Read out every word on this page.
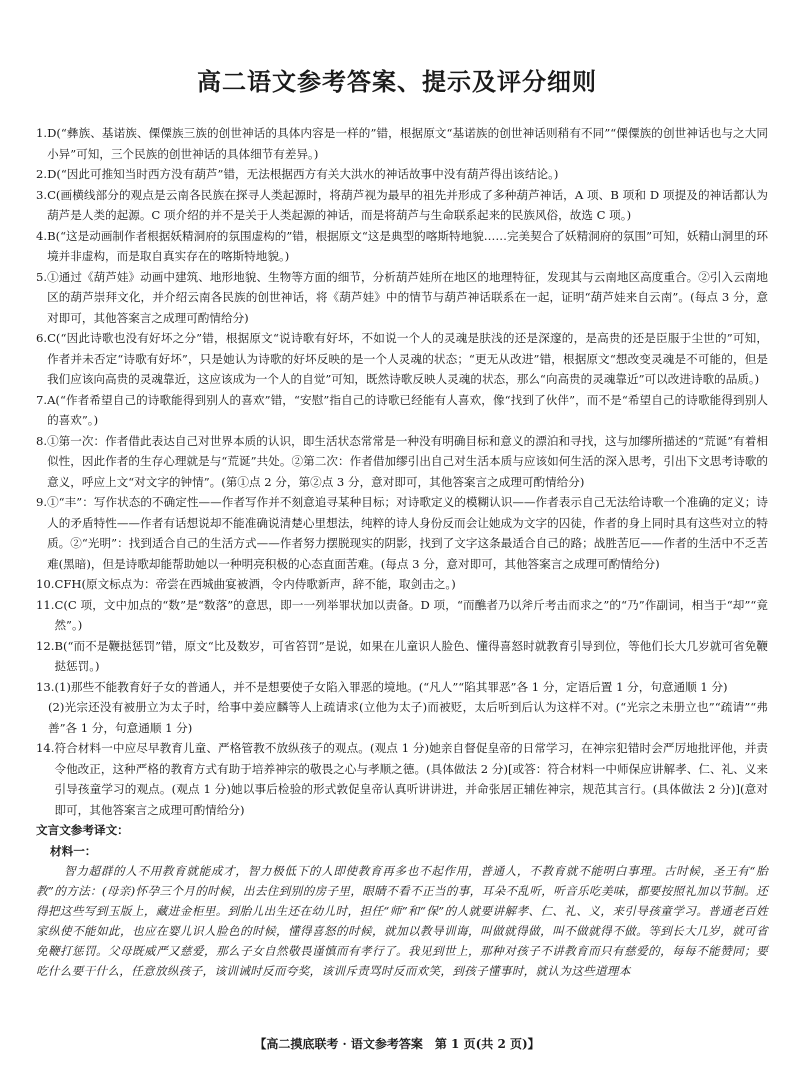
高二语文参考答案、提示及评分细则
1. D(“彝族、基诺族、傈僳族三族的创世神话的具体内容是一样的”错，根据原文“基诺族的创世神话则稍有不同”“傈僳族的创世神话也与之大同小异”可知，三个民族的创世神话的具体细节有差异。)
2. D(“因此可推知当时西方没有葫芦”错，无法根据西方有关大洪水的神话故事中没有葫芦得出该结论。)
3. C(画横线部分的观点是云南各民族在探寻人类起源时，将葫芦视为最早的祖先并形成了多种葫芦神话，A 项、B 项和 D 项提及的神话都认为葫芦是人类的起源。C 项介绍的并不是关于人类起源的神话，而是将葫芦与生命联系起来的民族风俗，故选 C 项。)
4. B(“这是动画制作者根据妖精洞府的氛围虚构的”错，根据原文“这是典型的喀斯特地貌……完美契合了妖精洞府的氛围”可知，妖精山洞里的环境并非虚构，而是取自真实存在的喀斯特地貌。)
5. ①通过《葫芦娃》动画中建筑、地形地貌、生物等方面的细节，分析葫芦娃所在地区的地理特征，发现其与云南地区高度重合。②引入云南地区的葫芦崇拜文化，并介绍云南各民族的创世神话，将《葫芦娃》中的情节与葫芦神话联系在一起，证明“葫芦娃来自云南”。(每点 3 分，意对即可，其他答案言之成理可酌情给分)
6. C(“因此诗歌也没有好坏之分”错，根据原文“说诗歌有好坏，不如说一个人的灵魂是肤浅的还是深邃的，是高贵的还是臣服于尘世的”可知，作者并未否定“诗歌有好坏”，只是她认为诗歌的好坏反映的是一个人灵魂的状态；“更无从改进”错，根据原文“想改变灵魂是不可能的，但是我们应该向高贵的灵魂靠近，这应该成为一个人的自觉”可知，既然诗歌反映人灵魂的状态，那么“向高贵的灵魂靠近”可以改进诗歌的品质。)
7. A(“作者希望自己的诗歌能得到别人的喜欢”错，“安慰”指自己的诗歌已经能有人喜欢，像“找到了伙伴”，而不是“希望自己的诗歌能得到别人的喜欢”。)
8. ①第一次：作者借此表达自己对世界本质的认识，即生活状态常常是一种没有明确目标和意义的漂泊和寻找，这与加缪所描述的“荒诞”有着相似性，因此作者的生存心理就是与“荒诞”共处。②第二次：作者借加缪引出自己对生活本质与应该如何生活的深入思考，引出下文思考诗歌的意义，呼应上文“对文字的钟情”。(第①点 2 分，第②点 3 分，意对即可，其他答案言之成理可酌情给分)
9. ①“丰”：写作状态的不确定性——作者写作并不刻意追寻某种目标；对诗歌定义的模糊认识——作者表示自己无法给诗歌一个准确的定义；诗人的矛盾特性——作者有话想说却不能准确说清楚心里想法，纯粹的诗人身份反而会让她成为文字的囚徒，作者的身上同时具有这些对立的特质。②“光明”：找到适合自己的生活方式——作者努力摆脱现实的阴影，找到了文字这条最适合自己的路；战胜苦厄——作者的生活中不乏苦难(黑暗)，但是诗歌却能帮助她以一种明亮积极的心态直面苦难。(每点 3 分，意对即可，其他答案言之成理可酌情给分)
10. CFH(原文标点为：帝尝在西城曲宴被酒，令内侍歌新声，辞不能，取剑击之。)
11. C(C 项，文中加点的“数”是“数落”的意思，即一一列举罪状加以责备。D 项，“而醮者乃以斧斤考击而求之”的“乃”作副词，相当于“却”“竟然”。)
12. B(“而不是鞭挞惩罚”错，原文“比及数岁，可省笞罚”是说，如果在儿童识人脸色、懂得喜怒时就教育引导到位，等他们长大几岁就可省免鞭挞惩罚。)
13. (1)那些不能教育好子女的普通人，并不是想要使子女陷入罪恶的境地。(“凡人”“陷其罪恶”各 1 分，定语后置 1 分，句意通顺 1 分)
(2)光宗还没有被册立为太子时，给事中姜应麟等人上疏请求(立他为太子)而被贬，太后听到后认为这样不对。(“光宗之未册立也”“疏请”“弗善”各 1 分，句意通顺 1 分)
14. 符合材料一中应尽早教育儿童、严格管教不放纵孩子的观点。(观点 1 分)她亲自督促皇帝的日常学习，在神宗犯错时会严厉地批评他，并责令他改正，这种严格的教育方式有助于培养神宗的敬畏之心与孝顺之德。(具体做法 2 分)[或答：符合材料一中师保应讲解孝、仁、礼、义来引导孩童学习的观点。(观点 1 分)她以事后检验的形式敦促皇帝认真听讲讲进，并命张居正辅佐神宗，规范其言行。(具体做法 2 分)](意对即可，其他答案言之成理可酌情给分)
文言文参考译文：
材料一：
智力超群的人不用教育就能成才，智力极低下的人即使教育再多也不起作用，普通人，不教育就不能明白事理。古时候，圣王有“胎教”的方法：(母亲)怀孕三个月的时候，出去住到别的房子里，眼睛不看不正当的事，耳朵不乱听，听音乐吃美味，都要按照礼加以节制。还得把这些写到玉版上，藏进金柜里。到胎儿出生还在幼儿时，担任“师”和“保”的人就要讲解孝、仁、礼、义，来引导孩童学习。普通老百姓家纵使不能如此，也应在婴儿识人脸色的时候，懂得喜怒的时候，就加以教导训诲，叫做就得做，叫不做就得不做。等到长大几岁，就可省免鞭打惩罚。父母既威严又慈爱，那么子女自然敬畏谨慎而有孝行了。我见到世上，那种对孩子不讲教育而只有慈爱的，每每不能赞同；要吃什么要干什么，任意放纵孩子，该训诫时反而夸奖，该训斥责骂时反而欢笑，到孩子懂事时，就认为这些道理本
【高二摸底联考 · 语文参考答案　第 1 页(共 2 页)】
